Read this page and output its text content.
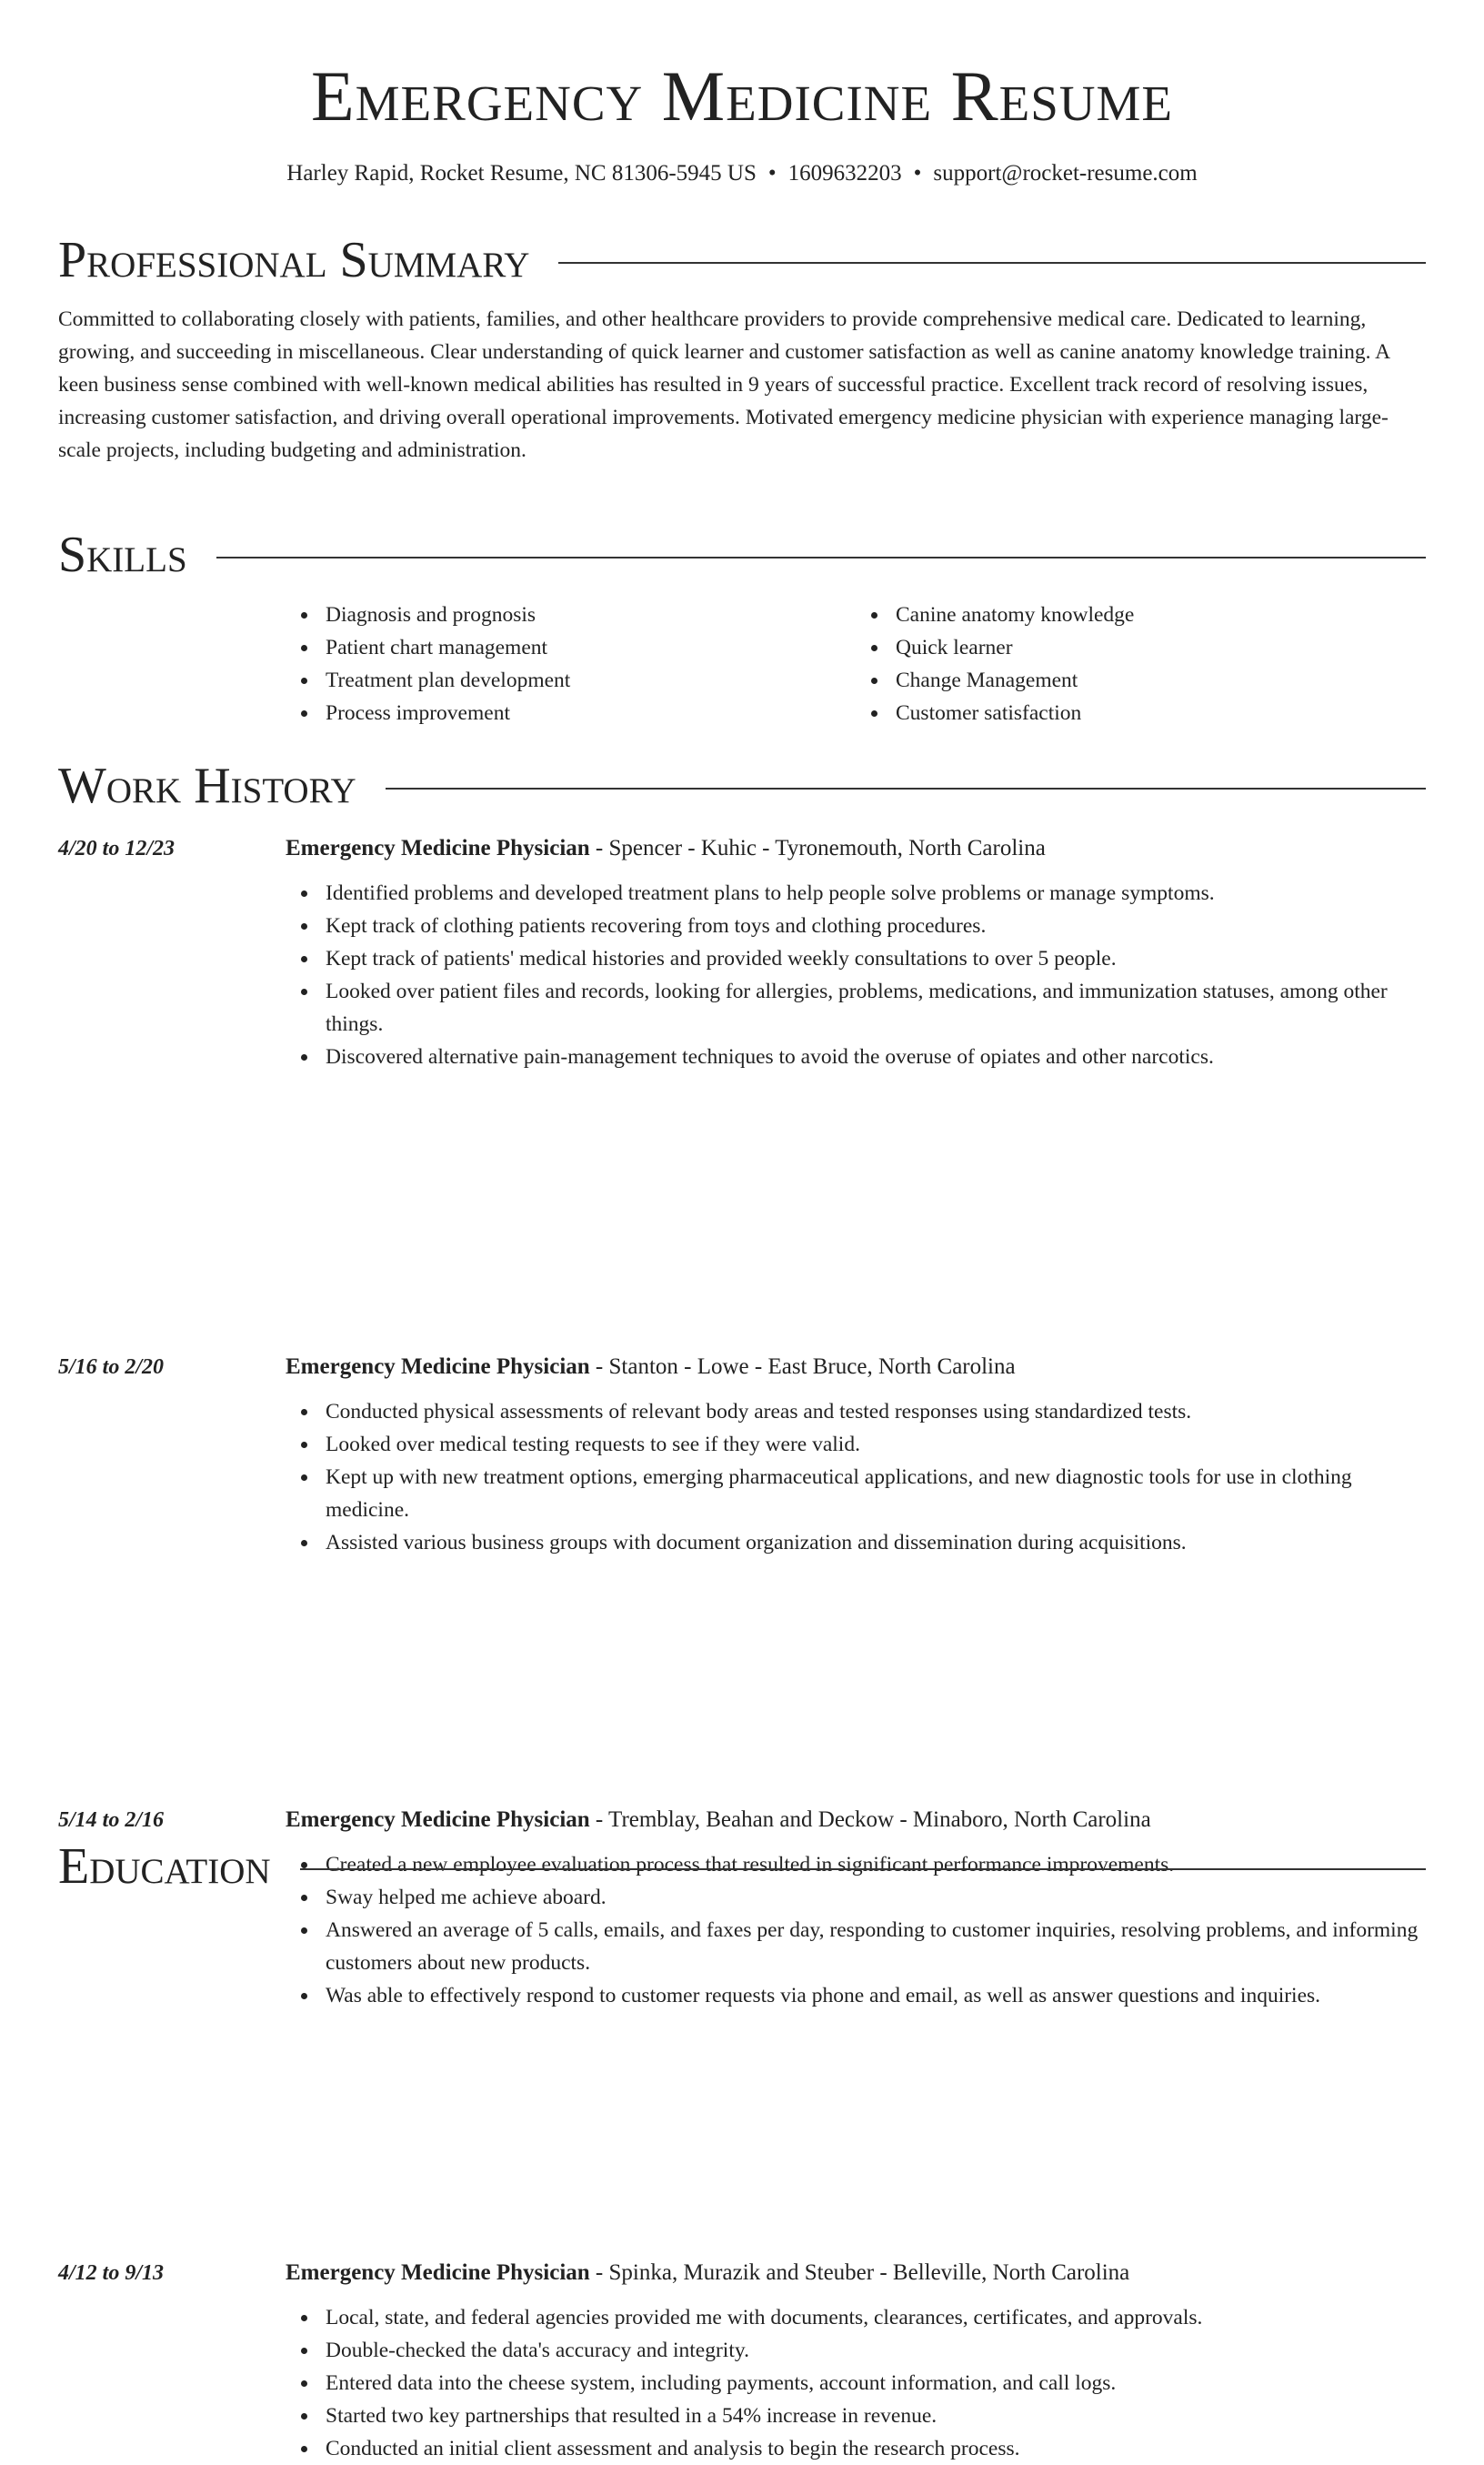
Emergency Medicine Resume
Harley Rapid, Rocket Resume, NC 81306-5945 US • 1609632203 • support@rocket-resume.com
Professional Summary

Committed to collaborating closely with patients, families, and other healthcare providers to provide comprehensive medical care. Dedicated to learning, growing, and succeeding in miscellaneous. Clear understanding of quick learner and customer satisfaction as well as canine anatomy knowledge training. A keen business sense combined with well-known medical abilities has resulted in 9 years of successful practice. Excellent track record of resolving issues, increasing customer satisfaction, and driving overall operational improvements. Motivated emergency medicine physician with experience managing large-scale projects, including budgeting and administration.

Skills
Diagnosis and prognosis
Patient chart management
Treatment plan development
Process improvement
Canine anatomy knowledge
Quick learner
Change Management
Customer satisfaction
Work History
4/20 to 12/23	Emergency Medicine Physician - Spencer - Kuhic - Tyronemouth, North Carolina
Identified problems and developed treatment plans to help people solve problems or manage symptoms.
Kept track of clothing patients recovering from toys and clothing procedures.
Kept track of patients' medical histories and provided weekly consultations to over 5 people.
Looked over patient files and records, looking for allergies, problems, medications, and immunization statuses, among other things.
Discovered alternative pain-management techniques to avoid the overuse of opiates and other narcotics.
5/16 to 2/20	Emergency Medicine Physician - Stanton - Lowe - East Bruce, North Carolina
Conducted physical assessments of relevant body areas and tested responses using standardized tests.
Looked over medical testing requests to see if they were valid.
Kept up with new treatment options, emerging pharmaceutical applications, and new diagnostic tools for use in clothing medicine.
Assisted various business groups with document organization and dissemination during acquisitions.
5/14 to 2/16	Emergency Medicine Physician - Tremblay, Beahan and Deckow - Minaboro, North Carolina
Created a new employee evaluation process that resulted in significant performance improvements.
Sway helped me achieve aboard.
Answered an average of 5 calls, emails, and faxes per day, responding to customer inquiries, resolving problems, and informing customers about new products.
Was able to effectively respond to customer requests via phone and email, as well as answer questions and inquiries.
4/12 to 9/13	Emergency Medicine Physician - Spinka, Murazik and Steuber - Belleville, North Carolina
Local, state, and federal agencies provided me with documents, clearances, certificates, and approvals.
Double-checked the data's accuracy and integrity.
Entered data into the cheese system, including payments, account information, and call logs.
Started two key partnerships that resulted in a 54% increase in revenue.
Conducted an initial client assessment and analysis to begin the research process.
Education
